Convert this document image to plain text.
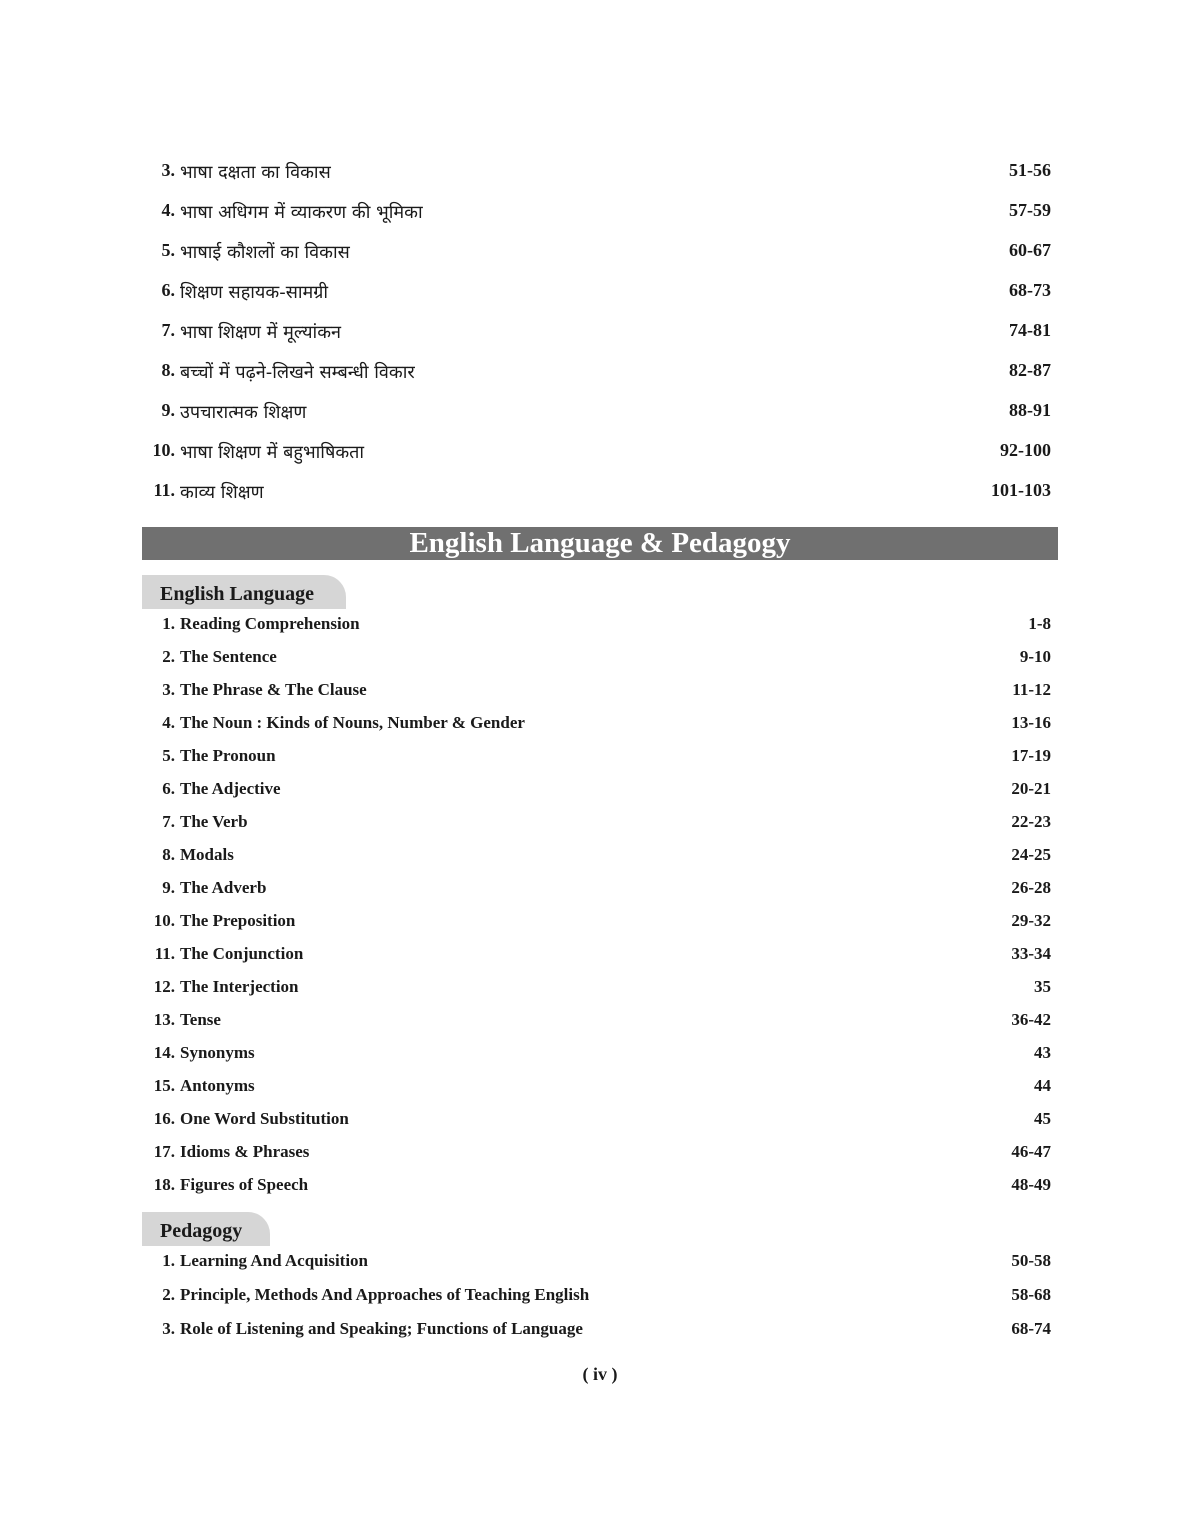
3. भाषा दक्षता का विकास	51-56
4. भाषा अधिगम में व्याकरण की भूमिका	57-59
5. भाषाई कौशलों का विकास	60-67
6. शिक्षण सहायक-सामग्री	68-73
7. भाषा शिक्षण में मूल्यांकन	74-81
8. बच्चों में पढ़ने-लिखने सम्बन्धी विकार	82-87
9. उपचारात्मक शिक्षण	88-91
10. भाषा शिक्षण में बहुभाषिकता	92-100
11. काव्य शिक्षण	101-103
English Language & Pedagogy
English Language
1. Reading Comprehension	1-8
2. The Sentence	9-10
3. The Phrase & The Clause	11-12
4. The Noun : Kinds of Nouns, Number & Gender	13-16
5. The Pronoun	17-19
6. The Adjective	20-21
7. The Verb	22-23
8. Modals	24-25
9. The Adverb	26-28
10. The Preposition	29-32
11. The Conjunction	33-34
12. The Interjection	35
13. Tense	36-42
14. Synonyms	43
15. Antonyms	44
16. One Word Substitution	45
17. Idioms & Phrases	46-47
18. Figures of Speech	48-49
Pedagogy
1. Learning And Acquisition	50-58
2. Principle, Methods And Approaches of Teaching English	58-68
3. Role of Listening and Speaking; Functions of Language	68-74
( iv )
